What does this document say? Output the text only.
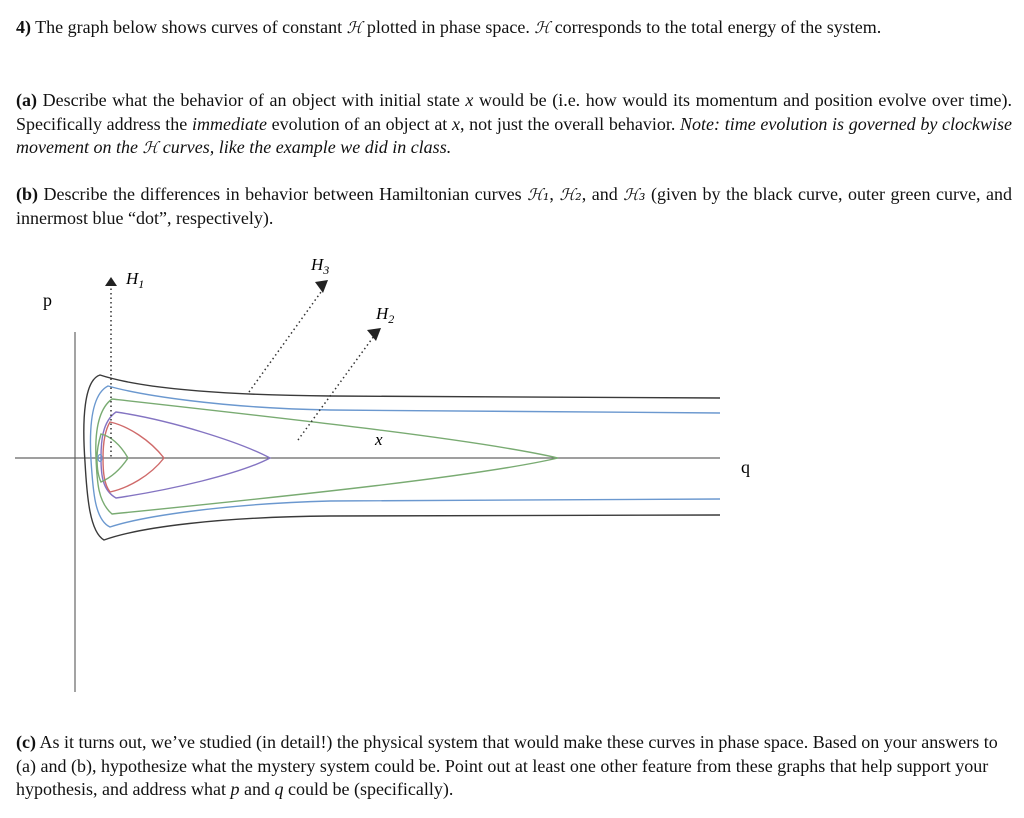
4) The graph below shows curves of constant ℋ plotted in phase space. ℋ corresponds to the total energy of the system.
(a) Describe what the behavior of an object with initial state x would be (i.e. how would its momentum and position evolve over time). Specifically address the immediate evolution of an object at x, not just the overall behavior. Note: time evolution is governed by clockwise movement on the ℋ curves, like the example we did in class.
(b) Describe the differences in behavior between Hamiltonian curves ℋ₁, ℋ₂, and ℋ₃ (given by the black curve, outer green curve, and innermost blue “dot”, respectively).
p
q
$H_1$
$H_3$
$H_2$
x
(c) As it turns out, we’ve studied (in detail!) the physical system that would make these curves in phase space. Based on your answers to (a) and (b), hypothesize what the mystery system could be. Point out at least one other feature from these graphs that help support your hypothesis, and address what p and q could be (specifically).
